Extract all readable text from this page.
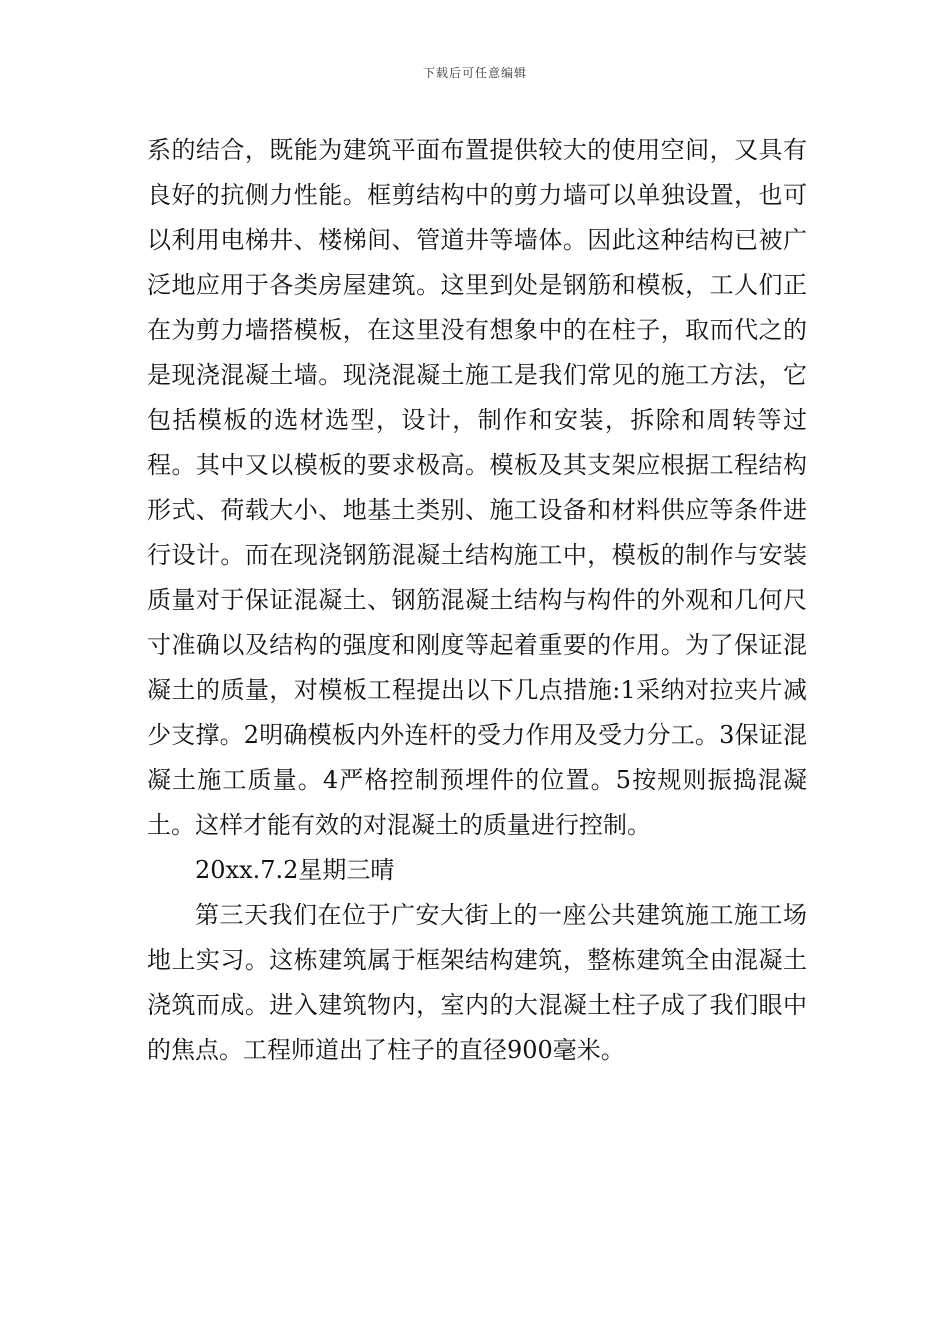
下载后可任意编辑

系的结合，既能为建筑平面布置提供较大的使用空间，又具有良好的抗侧力性能。框剪结构中的剪力墙可以单独设置，也可以利用电梯井、楼梯间、管道井等墙体。因此这种结构已被广泛地应用于各类房屋建筑。这里到处是钢筋和模板，工人们正在为剪力墙搭模板，在这里没有想象中的在柱子，取而代之的是现浇混凝土墙。现浇混凝土施工是我们常见的施工方法，它包括模板的选材选型，设计，制作和安装，拆除和周转等过程。其中又以模板的要求极高。模板及其支架应根据工程结构形式、荷载大小、地基土类别、施工设备和材料供应等条件进行设计。而在现浇钢筋混凝土结构施工中，模板的制作与安装质量对于保证混凝土、钢筋混凝土结构与构件的外观和几何尺寸准确以及结构的强度和刚度等起着重要的作用。为了保证混凝土的质量，对模板工程提出以下几点措施:1采纳对拉夹片减少支撑。2明确模板内外连杆的受力作用及受力分工。3保证混凝土施工质量。4严格控制预埋件的位置。5按规则振捣混凝土。这样才能有效的对混凝土的质量进行控制。

20xx.7.2星期三晴

第三天我们在位于广安大街上的一座公共建筑施工施工场地上实习。这栋建筑属于框架结构建筑，整栋建筑全由混凝土浇筑而成。进入建筑物内，室内的大混凝土柱子成了我们眼中的焦点。工程师道出了柱子的直径900毫米。
